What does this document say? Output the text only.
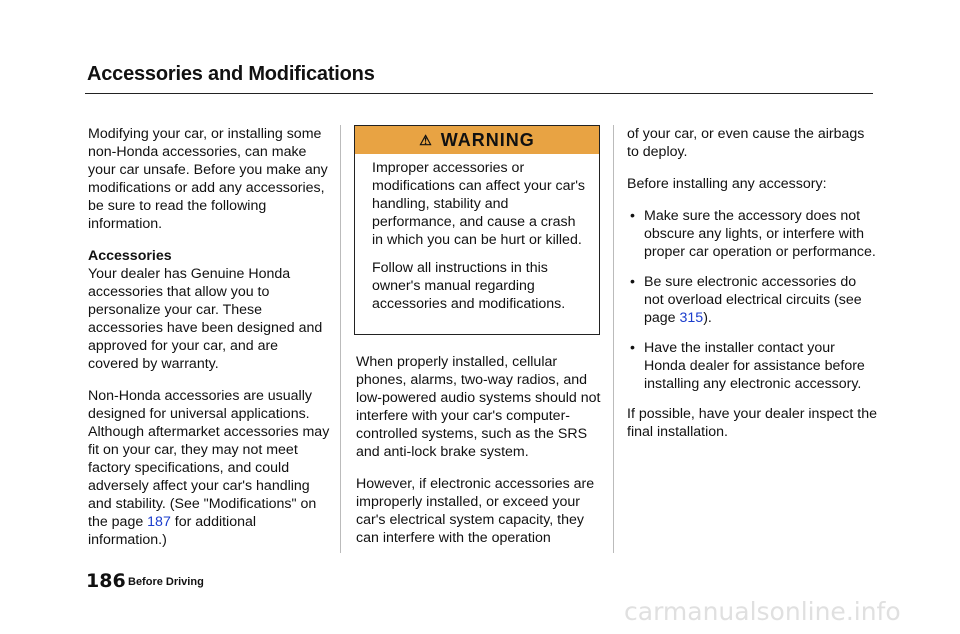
Accessories and Modifications

Modifying your car, or installing some non-Honda accessories, can make your car unsafe. Before you make any modifications or add any accessories, be sure to read the following information.

Accessories

Your dealer has Genuine Honda accessories that allow you to personalize your car. These accessories have been designed and approved for your car, and are covered by warranty.

Non-Honda accessories are usually designed for universal applications. Although aftermarket accessories may fit on your car, they may not meet factory specifications, and could adversely affect your car's handling and stability. (See "Modifications" on the page 187 for additional information.)

⚠ WARNING

Improper accessories or modifications can affect your car's handling, stability and performance, and cause a crash in which you can be hurt or killed.

Follow all instructions in this owner's manual regarding accessories and modifications.

When properly installed, cellular phones, alarms, two-way radios, and low-powered audio systems should not interfere with your car's computer-controlled systems, such as the SRS and anti-lock brake system.

However, if electronic accessories are improperly installed, or exceed your car's electrical system capacity, they can interfere with the operation

of your car, or even cause the airbags to deploy.

Before installing any accessory:

• Make sure the accessory does not obscure any lights, or interfere with proper car operation or performance.
• Be sure electronic accessories do not overload electrical circuits (see page 315).
• Have the installer contact your Honda dealer for assistance before installing any electronic accessory.

If possible, have your dealer inspect the final installation.

186 Before Driving
carmanualsonline.info
